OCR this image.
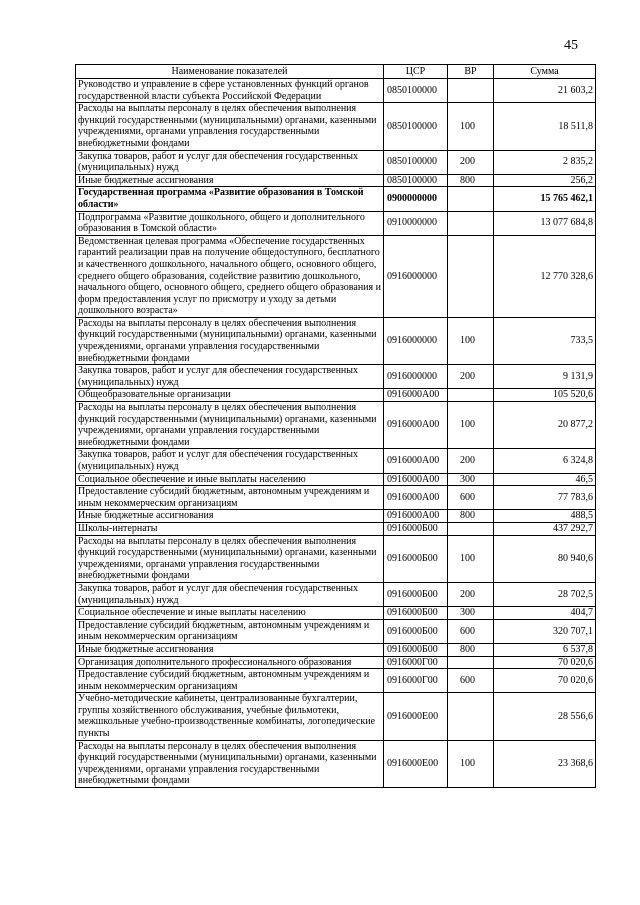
45
Наименование показателей	ЦСР	ВР	Сумма
Руководство и управление в сфере установленных функций органов государственной власти субъекта Российской Федерации	0850100000		21 603,2
Расходы на выплаты персоналу в целях обеспечения выполнения функций государственными (муниципальными) органами, казенными учреждениями, органами управления государственными внебюджетными фондами	0850100000	100	18 511,8
Закупка товаров, работ и услуг для обеспечения государственных (муниципальных) нужд	0850100000	200	2 835,2
Иные бюджетные ассигнования	0850100000	800	256,2
Государственная программа «Развитие образования в Томской области»	0900000000		15 765 462,1
Подпрограмма «Развитие дошкольного, общего и дополнительного образования в Томской области»	0910000000		13 077 684,8
Ведомственная целевая программа «Обеспечение государственных гарантий реализации прав на получение общедоступного, бесплатного и качественного дошкольного, начального общего, основного общего, среднего общего образования, содействие развитию дошкольного, начального общего, основного общего, среднего общего образования и форм предоставления услуг по присмотру и уходу за детьми дошкольного возраста»	0916000000		12 770 328,6
Расходы на выплаты персоналу в целях обеспечения выполнения функций государственными (муниципальными) органами, казенными учреждениями, органами управления государственными внебюджетными фондами	0916000000	100	733,5
Закупка товаров, работ и услуг для обеспечения государственных (муниципальных) нужд	0916000000	200	9 131,9
Общеобразовательные организации	0916000A00		105 520,6
Расходы на выплаты персоналу в целях обеспечения выполнения функций государственными (муниципальными) органами, казенными учреждениями, органами управления государственными внебюджетными фондами	0916000A00	100	20 877,2
Закупка товаров, работ и услуг для обеспечения государственных (муниципальных) нужд	0916000A00	200	6 324,8
Социальное обеспечение и иные выплаты населению	0916000A00	300	46,5
Предоставление субсидий бюджетным, автономным учреждениям и иным некоммерческим организациям	0916000A00	600	77 783,6
Иные бюджетные ассигнования	0916000A00	800	488,5
Школы-интернаты	0916000Б00		437 292,7
Расходы на выплаты персоналу в целях обеспечения выполнения функций государственными (муниципальными) органами, казенными учреждениями, органами управления государственными внебюджетными фондами	0916000Б00	100	80 940,6
Закупка товаров, работ и услуг для обеспечения государственных (муниципальных) нужд	0916000Б00	200	28 702,5
Социальное обеспечение и иные выплаты населению	0916000Б00	300	404,7
Предоставление субсидий бюджетным, автономным учреждениям и иным некоммерческим организациям	0916000Б00	600	320 707,1
Иные бюджетные ассигнования	0916000Б00	800	6 537,8
Организация дополнительного профессионального образования	0916000Г00		70 020,6
Предоставление субсидий бюджетным, автономным учреждениям и иным некоммерческим организациям	0916000Г00	600	70 020,6
Учебно-методические кабинеты, централизованные бухгалтерии, группы хозяйственного обслуживания, учебные фильмотеки, межшкольные учебно-производственные комбинаты, логопедические пункты	0916000E00		28 556,6
Расходы на выплаты персоналу в целях обеспечения выполнения функций государственными (муниципальными) органами, казенными учреждениями, органами управления государственными внебюджетными фондами	0916000E00	100	23 368,6
